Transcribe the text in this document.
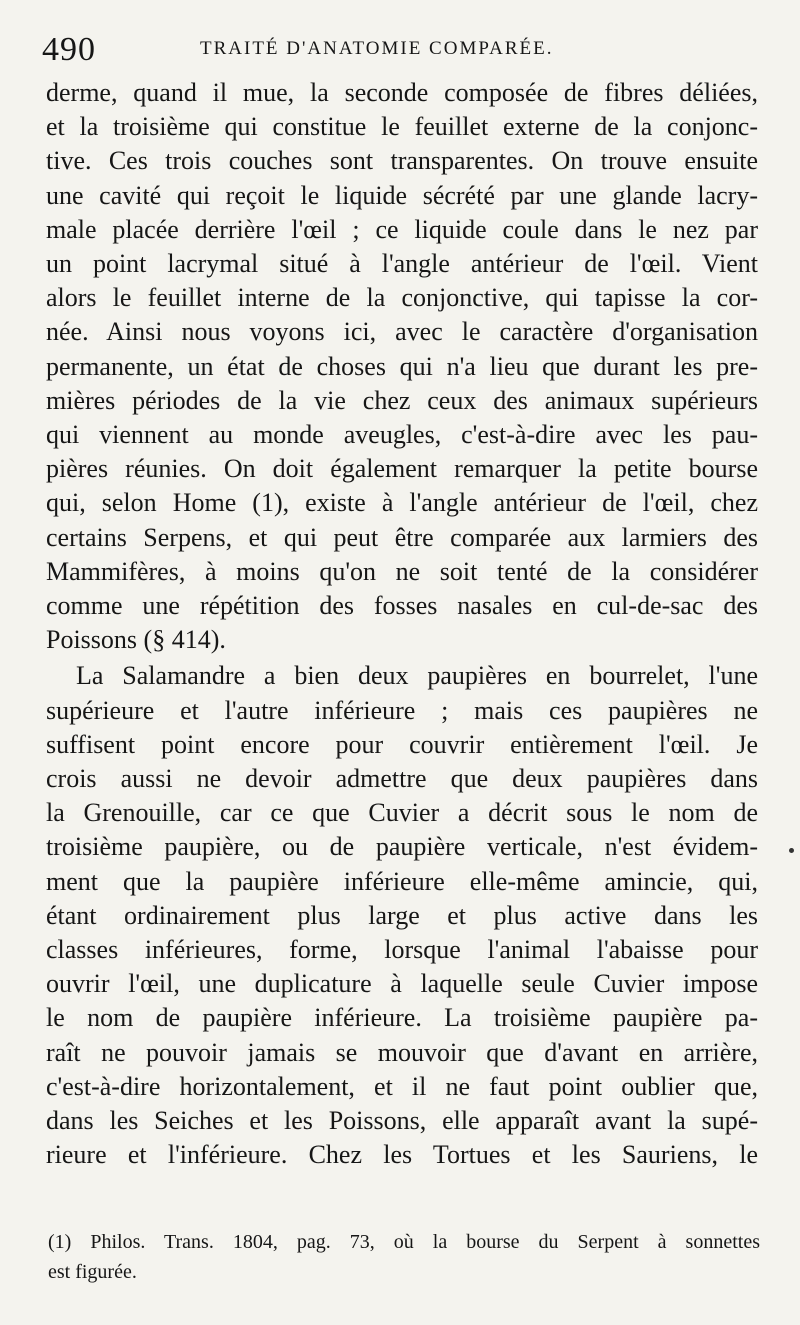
490	TRAITÉ D'ANATOMIE COMPARÉE.

derme, quand il mue, la seconde composée de fibres déliées,
et la troisième qui constitue le feuillet externe de la conjonc-
tive. Ces trois couches sont transparentes. On trouve ensuite
une cavité qui reçoit le liquide sécrété par une glande lacry-
male placée derrière l'œil ; ce liquide coule dans le nez par
un point lacrymal situé à l'angle antérieur de l'œil. Vient
alors le feuillet interne de la conjonctive, qui tapisse la cor-
née. Ainsi nous voyons ici, avec le caractère d'organisation
permanente, un état de choses qui n'a lieu que durant les pre-
mières périodes de la vie chez ceux des animaux supérieurs
qui viennent au monde aveugles, c'est-à-dire avec les pau-
pières réunies. On doit également remarquer la petite bourse
qui, selon Home (1), existe à l'angle antérieur de l'œil, chez
certains Serpens, et qui peut être comparée aux larmiers des
Mammifères, à moins qu'on ne soit tenté de la considérer
comme une répétition des fosses nasales en cul-de-sac des
Poissons (§ 414).

La Salamandre a bien deux paupières en bourrelet, l'une
supérieure et l'autre inférieure ; mais ces paupières ne
suffisent point encore pour couvrir entièrement l'œil. Je
crois aussi ne devoir admettre que deux paupières dans
la Grenouille, car ce que Cuvier a décrit sous le nom de
troisième paupière, ou de paupière verticale, n'est évidem-
ment que la paupière inférieure elle-même amincie, qui,
étant ordinairement plus large et plus active dans les
classes inférieures, forme, lorsque l'animal l'abaisse pour
ouvrir l'œil, une duplicature à laquelle seule Cuvier impose
le nom de paupière inférieure. La troisième paupière pa-
raît ne pouvoir jamais se mouvoir que d'avant en arrière,
c'est-à-dire horizontalement, et il ne faut point oublier que,
dans les Seiches et les Poissons, elle apparaît avant la supé-
rieure et l'inférieure. Chez les Tortues et les Sauriens, le

(1) Philos. Trans. 1804, pag. 73, où la bourse du Serpent à sonnettes
est figurée.
